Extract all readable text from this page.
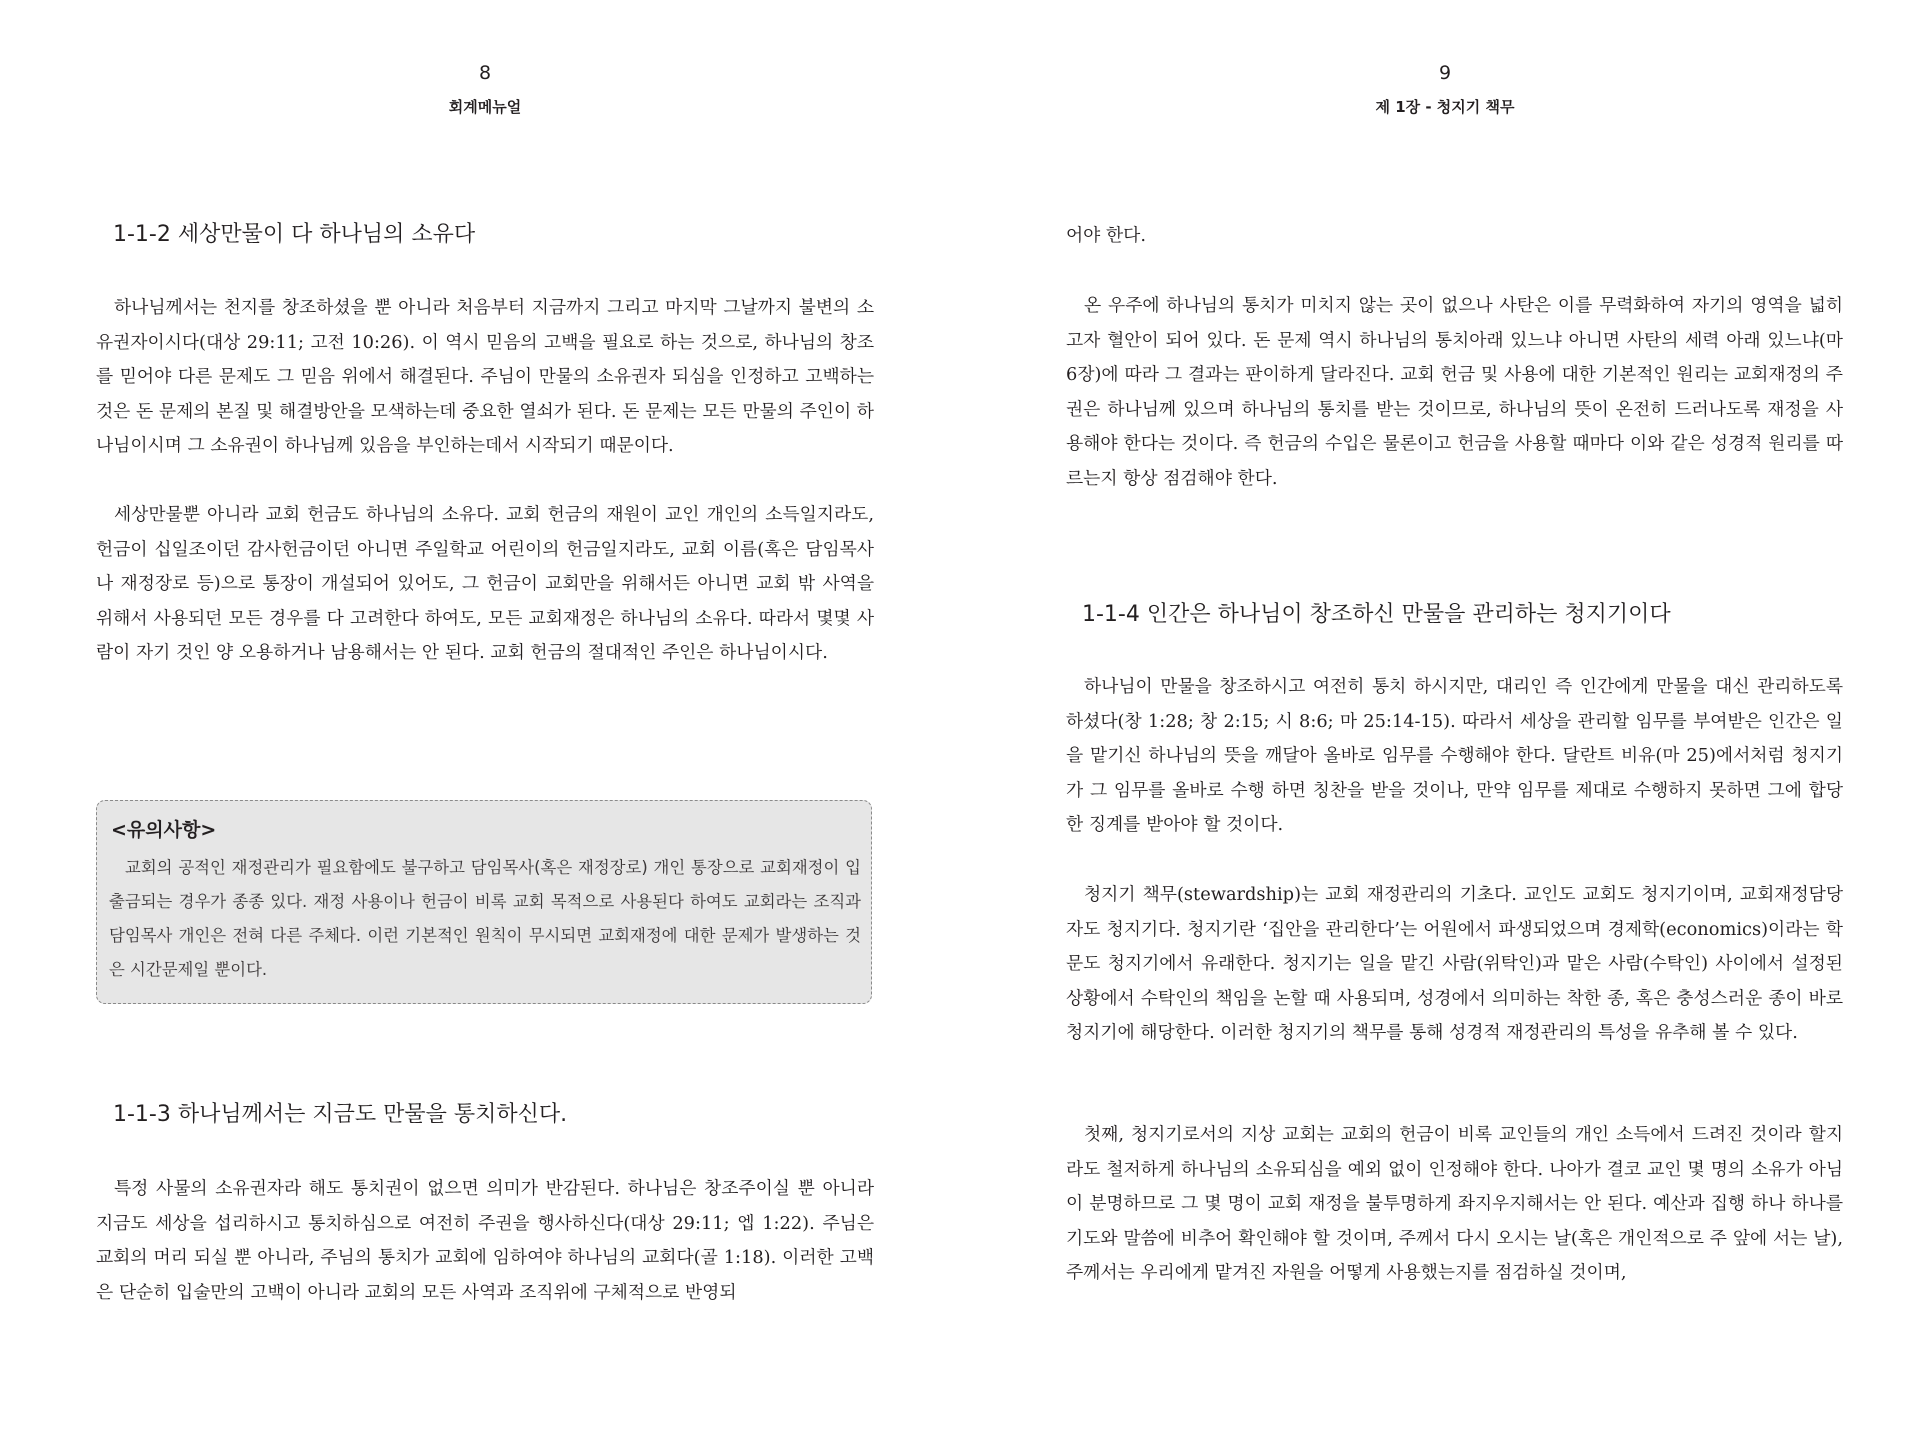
8
회계메뉴얼
1-1-2 세상만물이 다 하나님의 소유다

하나님께서는 천지를 창조하셨을 뿐 아니라 처음부터 지금까지 그리고 마지막 그날까지 불변의 소유권자이시다(대상 29:11; 고전 10:26). 이 역시 믿음의 고백을 필요로 하는 것으로, 하나님의 창조를 믿어야 다른 문제도 그 믿음 위에서 해결된다. 주님이 만물의 소유권자 되심을 인정하고 고백하는 것은 돈 문제의 본질 및 해결방안을 모색하는데 중요한 열쇠가 된다. 돈 문제는 모든 만물의 주인이 하나님이시며 그 소유권이 하나님께 있음을 부인하는데서 시작되기 때문이다.

세상만물뿐 아니라 교회 헌금도 하나님의 소유다. 교회 헌금의 재원이 교인 개인의 소득일지라도, 헌금이 십일조이던 감사헌금이던 아니면 주일학교 어린이의 헌금일지라도, 교회 이름(혹은 담임목사나 재정장로 등)으로 통장이 개설되어 있어도, 그 헌금이 교회만을 위해서든 아니면 교회 밖 사역을 위해서 사용되던 모든 경우를 다 고려한다 하여도, 모든 교회재정은 하나님의 소유다. 따라서 몇몇 사람이 자기 것인 양 오용하거나 남용해서는 안 된다. 교회 헌금의 절대적인 주인은 하나님이시다.

<유의사항>

교회의 공적인 재정관리가 필요함에도 불구하고 담임목사(혹은 재정장로) 개인 통장으로 교회재정이 입출금되는 경우가 종종 있다. 재정 사용이나 헌금이 비록 교회 목적으로 사용된다 하여도 교회라는 조직과 담임목사 개인은 전혀 다른 주체다. 이런 기본적인 원칙이 무시되면 교회재정에 대한 문제가 발생하는 것은 시간문제일 뿐이다.

1-1-3 하나님께서는 지금도 만물을 통치하신다.

특정 사물의 소유권자라 해도 통치권이 없으면 의미가 반감된다. 하나님은 창조주이실 뿐 아니라 지금도 세상을 섭리하시고 통치하심으로 여전히 주권을 행사하신다(대상 29:11; 엡 1:22). 주님은 교회의 머리 되실 뿐 아니라, 주님의 통치가 교회에 임하여야 하나님의 교회다(골 1:18). 이러한 고백은 단순히 입술만의 고백이 아니라 교회의 모든 사역과 조직위에 구체적으로 반영되

9
제 1장 - 청지기 책무

어야 한다.

온 우주에 하나님의 통치가 미치지 않는 곳이 없으나 사탄은 이를 무력화하여 자기의 영역을 넓히고자 혈안이 되어 있다. 돈 문제 역시 하나님의 통치아래 있느냐 아니면 사탄의 세력 아래 있느냐(마 6장)에 따라 그 결과는 판이하게 달라진다. 교회 헌금 및 사용에 대한 기본적인 원리는 교회재정의 주권은 하나님께 있으며 하나님의 통치를 받는 것이므로, 하나님의 뜻이 온전히 드러나도록 재정을 사용해야 한다는 것이다. 즉 헌금의 수입은 물론이고 헌금을 사용할 때마다 이와 같은 성경적 원리를 따르는지 항상 점검해야 한다.

1-1-4 인간은 하나님이 창조하신 만물을 관리하는 청지기이다

하나님이 만물을 창조하시고 여전히 통치 하시지만, 대리인 즉 인간에게 만물을 대신 관리하도록 하셨다(창 1:28; 창 2:15; 시 8:6; 마 25:14-15). 따라서 세상을 관리할 임무를 부여받은 인간은 일을 맡기신 하나님의 뜻을 깨달아 올바로 임무를 수행해야 한다. 달란트 비유(마 25)에서처럼 청지기가 그 임무를 올바로 수행 하면 칭찬을 받을 것이나, 만약 임무를 제대로 수행하지 못하면 그에 합당한 징계를 받아야 할 것이다.

청지기 책무(stewardship)는 교회 재정관리의 기초다. 교인도 교회도 청지기이며, 교회재정담당자도 청지기다. 청지기란 ‘집안을 관리한다’는 어원에서 파생되었으며 경제학(economics)이라는 학문도 청지기에서 유래한다. 청지기는 일을 맡긴 사람(위탁인)과 맡은 사람(수탁인) 사이에서 설정된 상황에서 수탁인의 책임을 논할 때 사용되며, 성경에서 의미하는 착한 종, 혹은 충성스러운 종이 바로 청지기에 해당한다. 이러한 청지기의 책무를 통해 성경적 재정관리의 특성을 유추해 볼 수 있다.

첫째, 청지기로서의 지상 교회는 교회의 헌금이 비록 교인들의 개인 소득에서 드려진 것이라 할지라도 철저하게 하나님의 소유되심을 예외 없이 인정해야 한다. 나아가 결코 교인 몇 명의 소유가 아님이 분명하므로 그 몇 명이 교회 재정을 불투명하게 좌지우지해서는 안 된다. 예산과 집행 하나 하나를 기도와 말씀에 비추어 확인해야 할 것이며, 주께서 다시 오시는 날(혹은 개인적으로 주 앞에 서는 날), 주께서는 우리에게 맡겨진 자원을 어떻게 사용했는지를 점검하실 것이며,
